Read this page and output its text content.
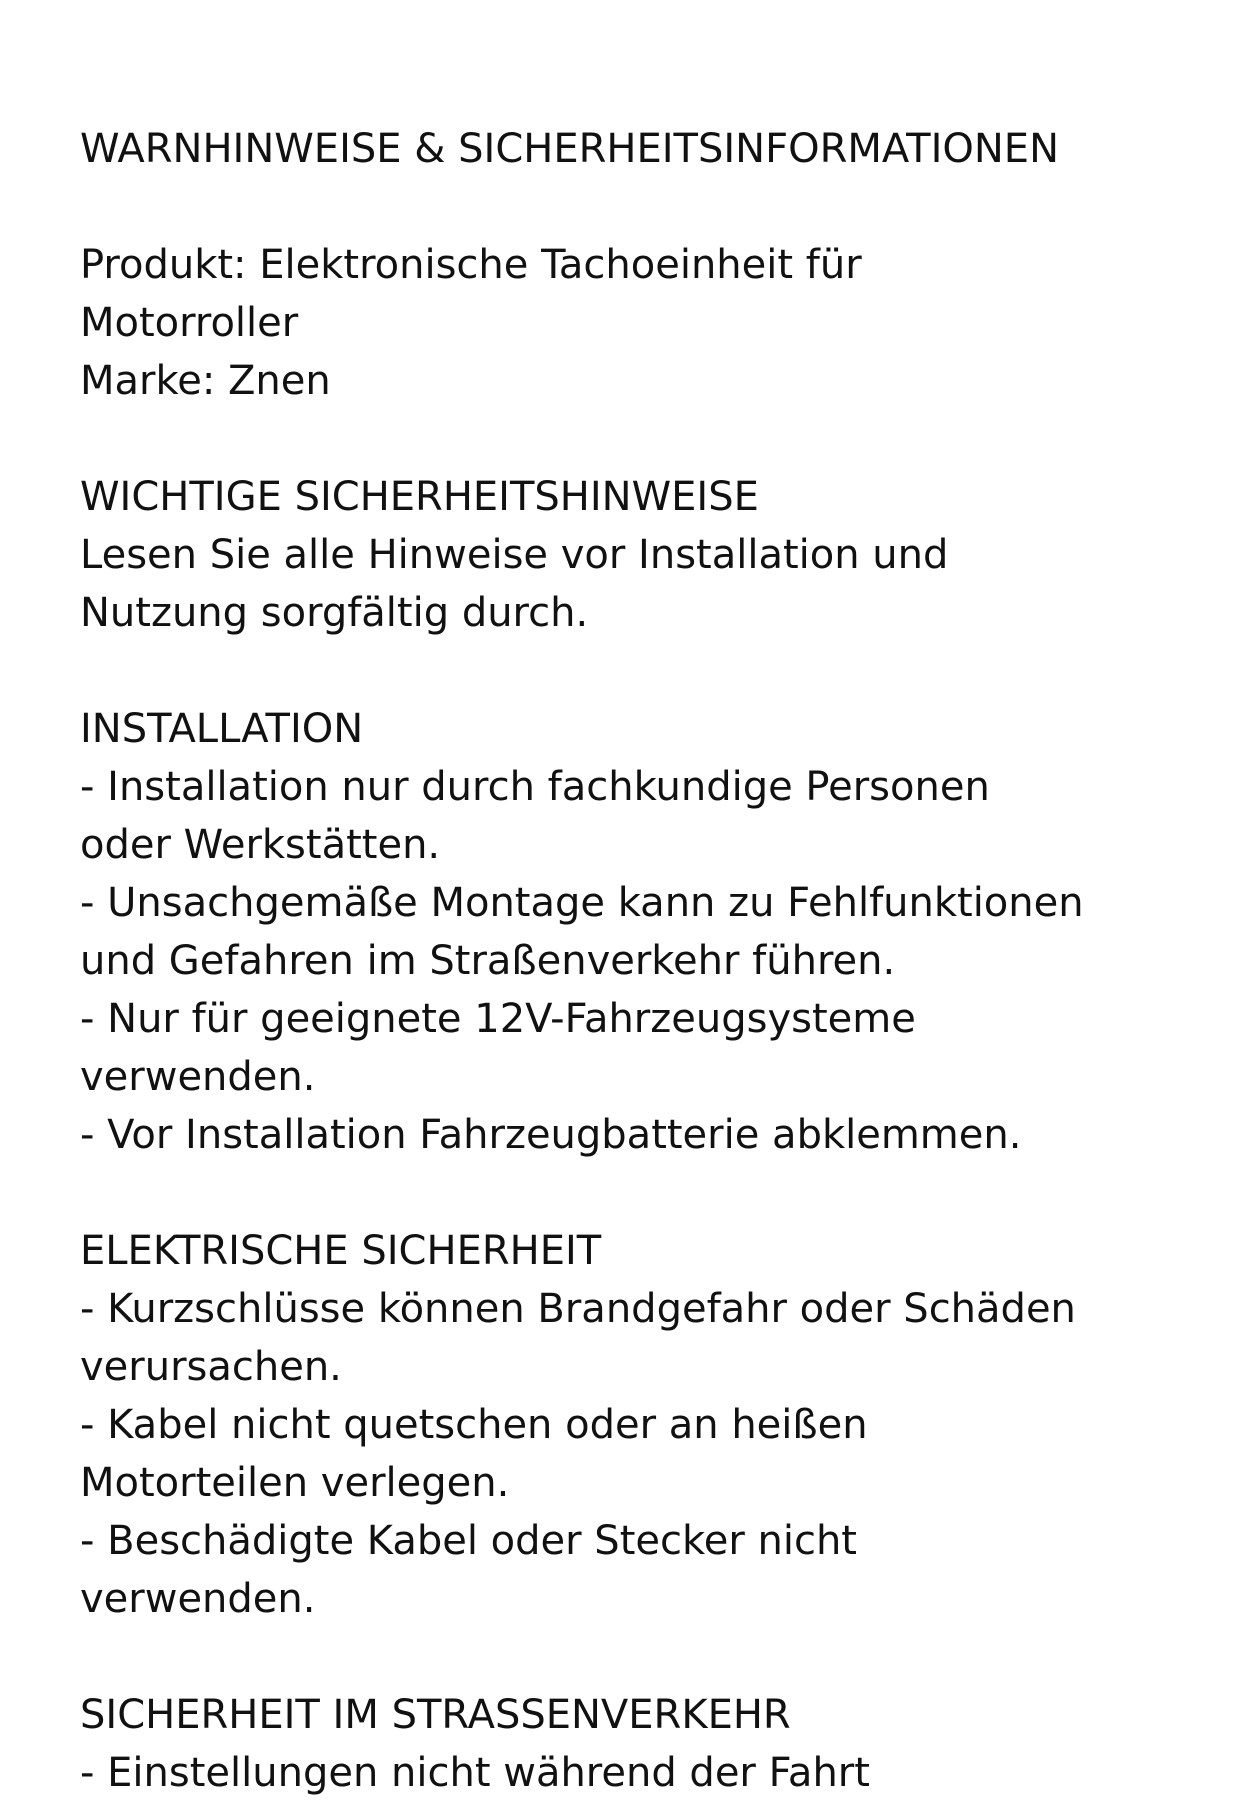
WARNHINWEISE & SICHERHEITSINFORMATIONEN
Produkt: Elektronische Tachoeinheit für
Motorroller
Marke: Znen
WICHTIGE SICHERHEITSHINWEISE
Lesen Sie alle Hinweise vor Installation und
Nutzung sorgfältig durch.
INSTALLATION
- Installation nur durch fachkundige Personen
oder Werkstätten.
- Unsachgemäße Montage kann zu Fehlfunktionen
und Gefahren im Straßenverkehr führen.
- Nur für geeignete 12V-Fahrzeugsysteme
verwenden.
- Vor Installation Fahrzeugbatterie abklemmen.
ELEKTRISCHE SICHERHEIT
- Kurzschlüsse können Brandgefahr oder Schäden
verursachen.
- Kabel nicht quetschen oder an heißen
Motorteilen verlegen.
- Beschädigte Kabel oder Stecker nicht
verwenden.
SICHERHEIT IM STRASSENVERKEHR
- Einstellungen nicht während der Fahrt
